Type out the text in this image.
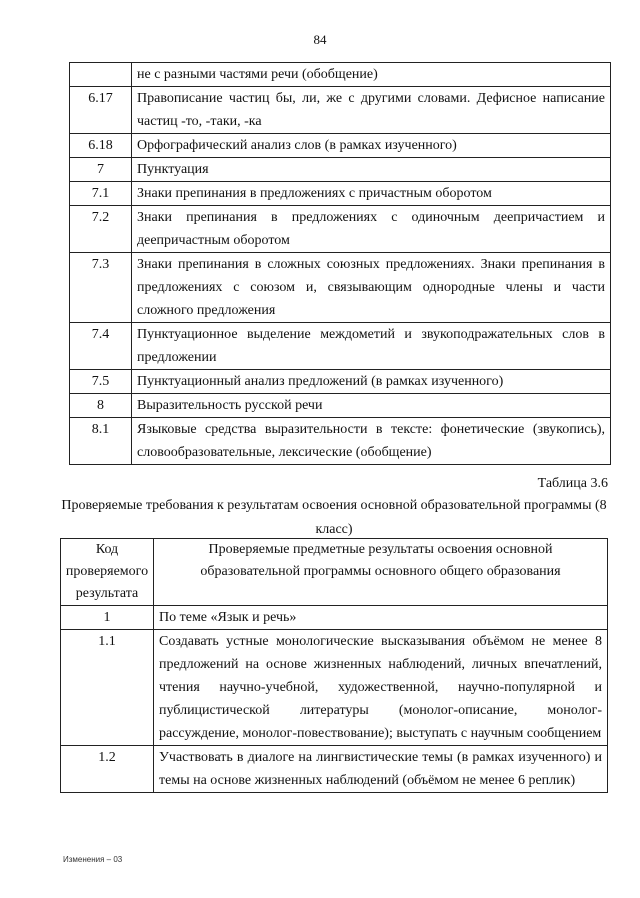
84
	не с разными частями речи (обобщение)
6.17	Правописание частиц бы, ли, же с другими словами. Дефисное написание частиц -то, -таки, -ка
6.18	Орфографический анализ слов (в рамках изученного)
7	Пунктуация
7.1	Знаки препинания в предложениях с причастным оборотом
7.2	Знаки препинания в предложениях с одиночным деепричастием и деепричастным оборотом
7.3	Знаки препинания в сложных союзных предложениях. Знаки препинания в предложениях с союзом и, связывающим однородные члены и части сложного предложения
7.4	Пунктуационное выделение междометий и звукоподражательных слов в предложении
7.5	Пунктуационный анализ предложений (в рамках изученного)
8	Выразительность русской речи
8.1	Языковые средства выразительности в тексте: фонетические (звукопись), словообразовательные, лексические (обобщение)
Таблица 3.6
Проверяемые требования к результатам освоения основной образовательной программы (8 класс)
Код проверяемого результата	Проверяемые предметные результаты освоения основной образовательной программы основного общего образования
1	По теме «Язык и речь»
1.1	Создавать устные монологические высказывания объёмом не менее 8 предложений на основе жизненных наблюдений, личных впечатлений, чтения научно-учебной, художественной, научно-популярной и публицистической литературы (монолог-описание, монолог-рассуждение, монолог-повествование); выступать с научным сообщением
1.2	Участвовать в диалоге на лингвистические темы (в рамках изученного) и темы на основе жизненных наблюдений (объёмом не менее 6 реплик)
Изменения – 03
